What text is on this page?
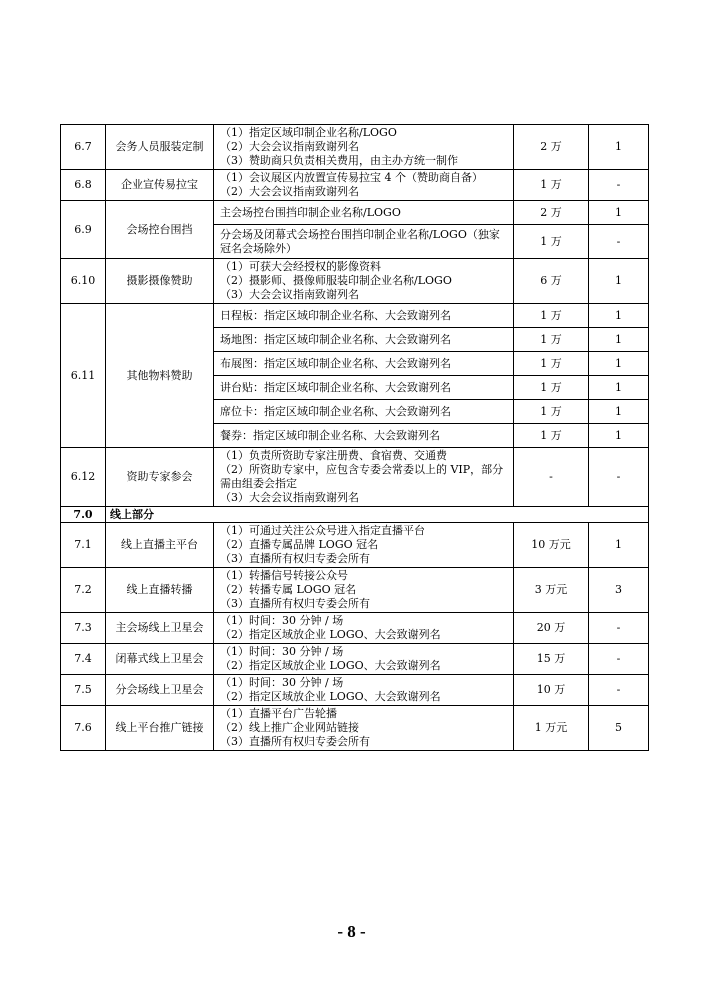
6.7	会务人员服装定制	（1）指定区域印制企业名称/LOGO
（2）大会会议指南致谢列名
（3）赞助商只负责相关费用，由主办方统一制作	2 万	1
6.8	企业宣传易拉宝	（1）会议展区内放置宣传易拉宝 4 个（赞助商自备）
（2）大会会议指南致谢列名	1 万	-
6.9	会场控台围挡	主会场控台围挡印制企业名称/LOGO	2 万	1

		分会场及闭幕式会场控台围挡印制企业名称/LOGO（独家冠名会场除外）	1 万	-
6.10	摄影摄像赞助	（1）可获大会经授权的影像资料
（2）摄影师、摄像师服装印制企业名称/LOGO
（3）大会会议指南致谢列名	6 万	1
6.11	其他物料赞助	日程板：指定区域印制企业名称、大会致谢列名	1 万	1

		场地图：指定区域印制企业名称、大会致谢列名	1 万	1

		布展图：指定区域印制企业名称、大会致谢列名	1 万	1

		讲台贴：指定区域印制企业名称、大会致谢列名	1 万	1

		席位卡：指定区域印制企业名称、大会致谢列名	1 万	1

		餐券：指定区域印制企业名称、大会致谢列名	1 万	1
6.12	资助专家参会	（1）负责所资助专家注册费、食宿费、交通费
（2）所资助专家中，应包含专委会常委以上的 VIP，部分需由组委会指定
（3）大会会议指南致谢列名	-	-
7.0	线上部分			
7.1	线上直播主平台	（1）可通过关注公众号进入指定直播平台
（2）直播专属品牌 LOGO 冠名
（3）直播所有权归专委会所有	10 万元	1
7.2	线上直播转播	（1）转播信号转接公众号
（2）转播专属 LOGO 冠名
（3）直播所有权归专委会所有	3 万元	3
7.3	主会场线上卫星会	（1）时间：30 分钟 / 场
（2）指定区域放企业 LOGO、大会致谢列名	20 万	-
7.4	闭幕式线上卫星会	（1）时间：30 分钟 / 场
（2）指定区域放企业 LOGO、大会致谢列名	15 万	-
7.5	分会场线上卫星会	（1）时间：30 分钟 / 场
（2）指定区域放企业 LOGO、大会致谢列名	10 万	-
7.6	线上平台推广链接	（1）直播平台广告轮播
（2）线上推广企业网站链接
（3）直播所有权归专委会所有	1 万元	5
- 8 -
